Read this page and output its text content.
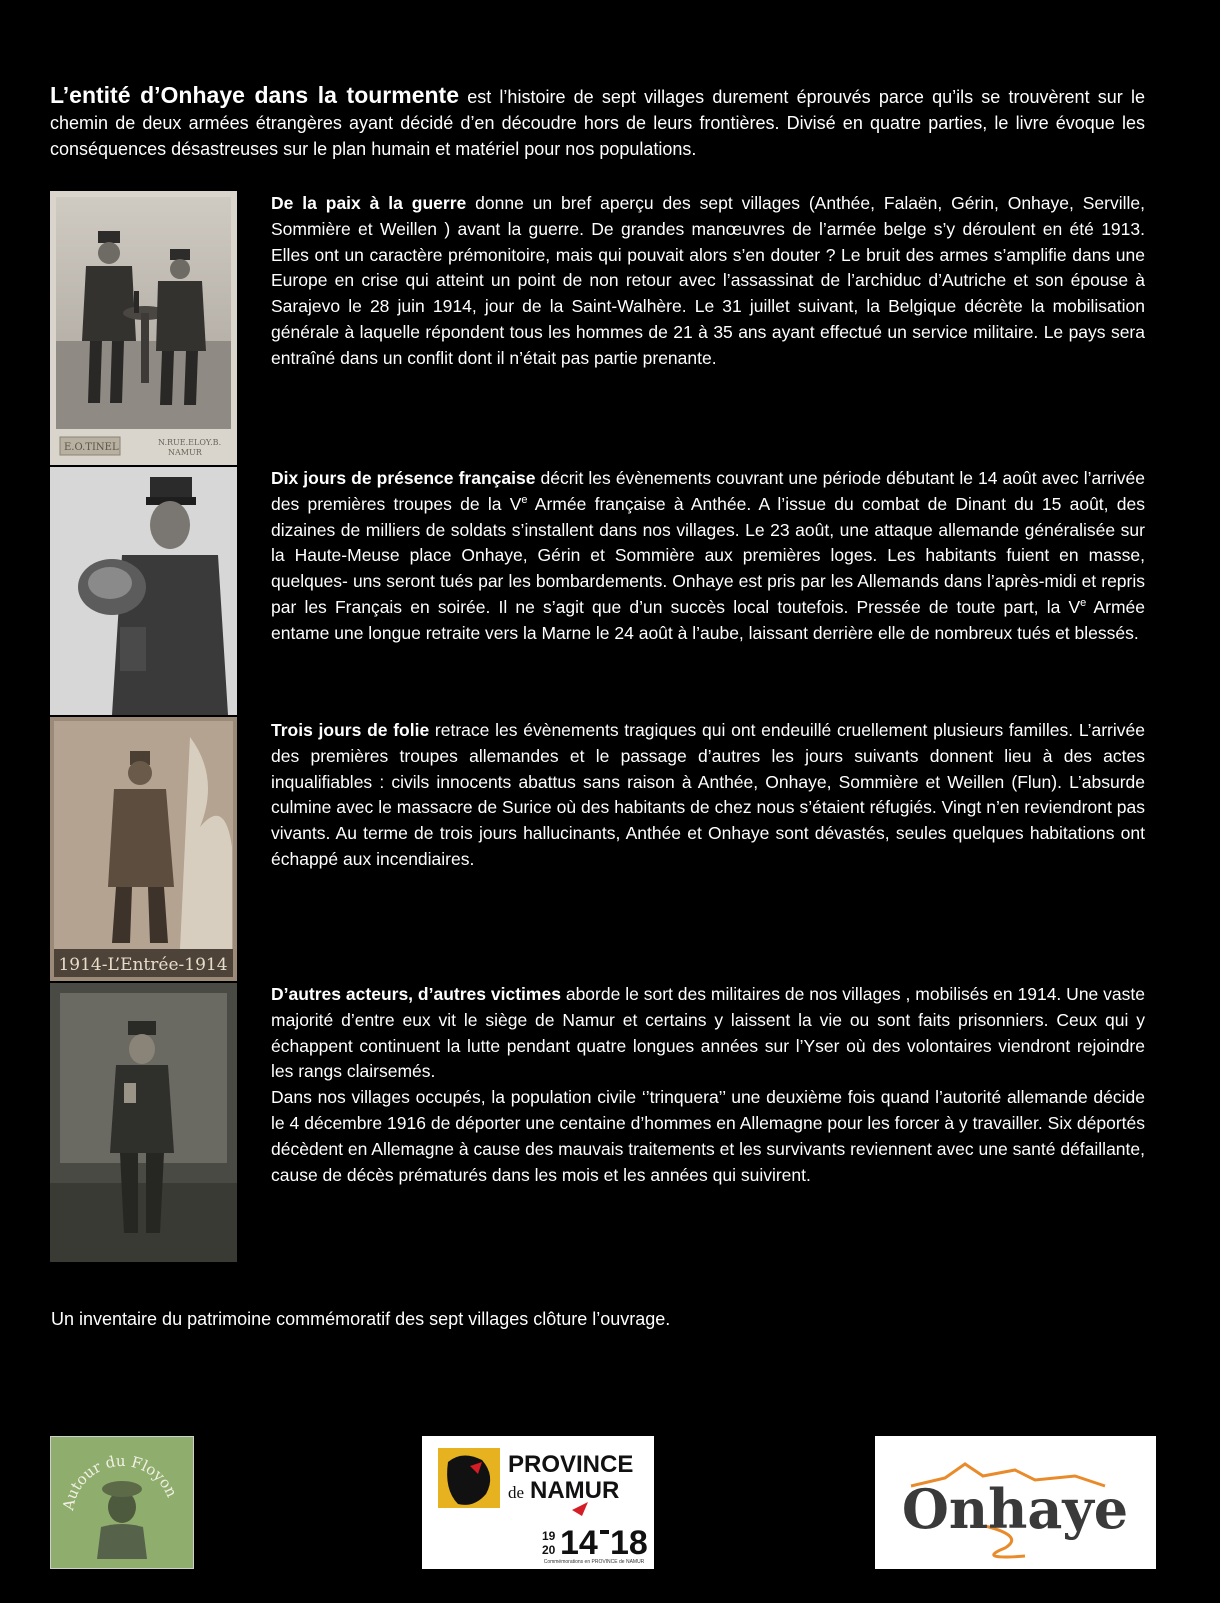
L’entité d’Onhaye dans la tourmente est l’histoire de sept villages durement éprouvés parce qu’ils se trouvèrent sur le chemin de deux armées étrangères ayant décidé d’en découdre hors de leurs frontières. Divisé en quatre parties, le livre évoque les conséquences désastreuses sur le plan humain et matériel pour nos populations.
E.O.TINEL	N.RUE.ELOY.B.
NAMUR
De la paix à la guerre donne un bref aperçu des sept villages (Anthée, Falaën, Gérin, Onhaye, Serville, Sommière et Weillen ) avant la guerre. De grandes manœuvres de l’armée belge s’y déroulent en été 1913. Elles ont un caractère prémonitoire, mais qui pouvait alors s’en douter ? Le bruit des armes s’amplifie dans une Europe en crise qui atteint un point de non retour avec l’assassinat de l’archiduc d’Autriche et son épouse à Sarajevo le 28 juin 1914, jour de la Saint-Walhère. Le 31 juillet suivant, la Belgique décrète la mobilisation générale à laquelle répondent tous les hommes de 21 à 35 ans ayant effectué un service militaire. Le pays sera entraîné dans un conflit dont il n’était pas partie prenante.
Dix jours de présence française décrit les évènements couvrant une période débutant le 14 août avec l’arrivée des premières troupes de la Ve Armée française à Anthée. A l’issue du combat de Dinant du 15 août, des dizaines de milliers de soldats s’installent dans nos villages. Le 23 août, une attaque allemande généralisée sur la Haute-Meuse place Onhaye, Gérin et Sommière aux premières loges. Les habitants fuient en masse, quelques- uns seront tués par les bombardements. Onhaye est pris par les Allemands dans l’après-midi et repris par les Français en soirée. Il ne s’agit que d’un succès local toutefois. Pressée de toute part, la Ve Armée entame une longue retraite vers la Marne le 24 août à l’aube, laissant derrière elle de nombreux tués et blessés.
1914-L’Entrée-1914
Trois jours de folie retrace les évènements tragiques qui ont endeuillé cruellement plusieurs familles. L’arrivée des premières troupes allemandes et le passage d’autres les jours suivants donnent lieu à des actes inqualifiables : civils innocents abattus sans raison à Anthée, Onhaye, Sommière et Weillen (Flun). L’absurde culmine avec le massacre de Surice où des habitants de chez nous s’étaient réfugiés. Vingt n’en reviendront pas vivants. Au terme de trois jours hallucinants, Anthée et Onhaye sont dévastés, seules quelques habitations ont échappé aux incendiaires.
D’autres acteurs, d’autres victimes aborde le sort des militaires de nos villages , mobilisés en 1914. Une vaste majorité d’entre eux vit le siège de Namur et certains y laissent la vie ou sont faits prisonniers. Ceux qui y échappent continuent la lutte pendant quatre longues années sur l’Yser où des volontaires viendront rejoindre les rangs clairsemés.
Dans nos villages occupés, la population civile ‘’trinquera’’ une deuxième fois quand l’autorité allemande décide le 4 décembre 1916 de déporter une centaine d’hommes en Allemagne pour les forcer à y travailler. Six déportés décèdent en Allemagne à cause des mauvais traitements et les survivants reviennent avec une santé défaillante, cause de décès prématurés dans les mois et les années qui suivirent.
Un inventaire du patrimoine commémoratif des sept villages clôture l’ouvrage.
Autour du Floyon
PROVINCE
de NAMUR
19
20 14 18
Commémorations en PROVINCE de NAMUR
Onhaye
